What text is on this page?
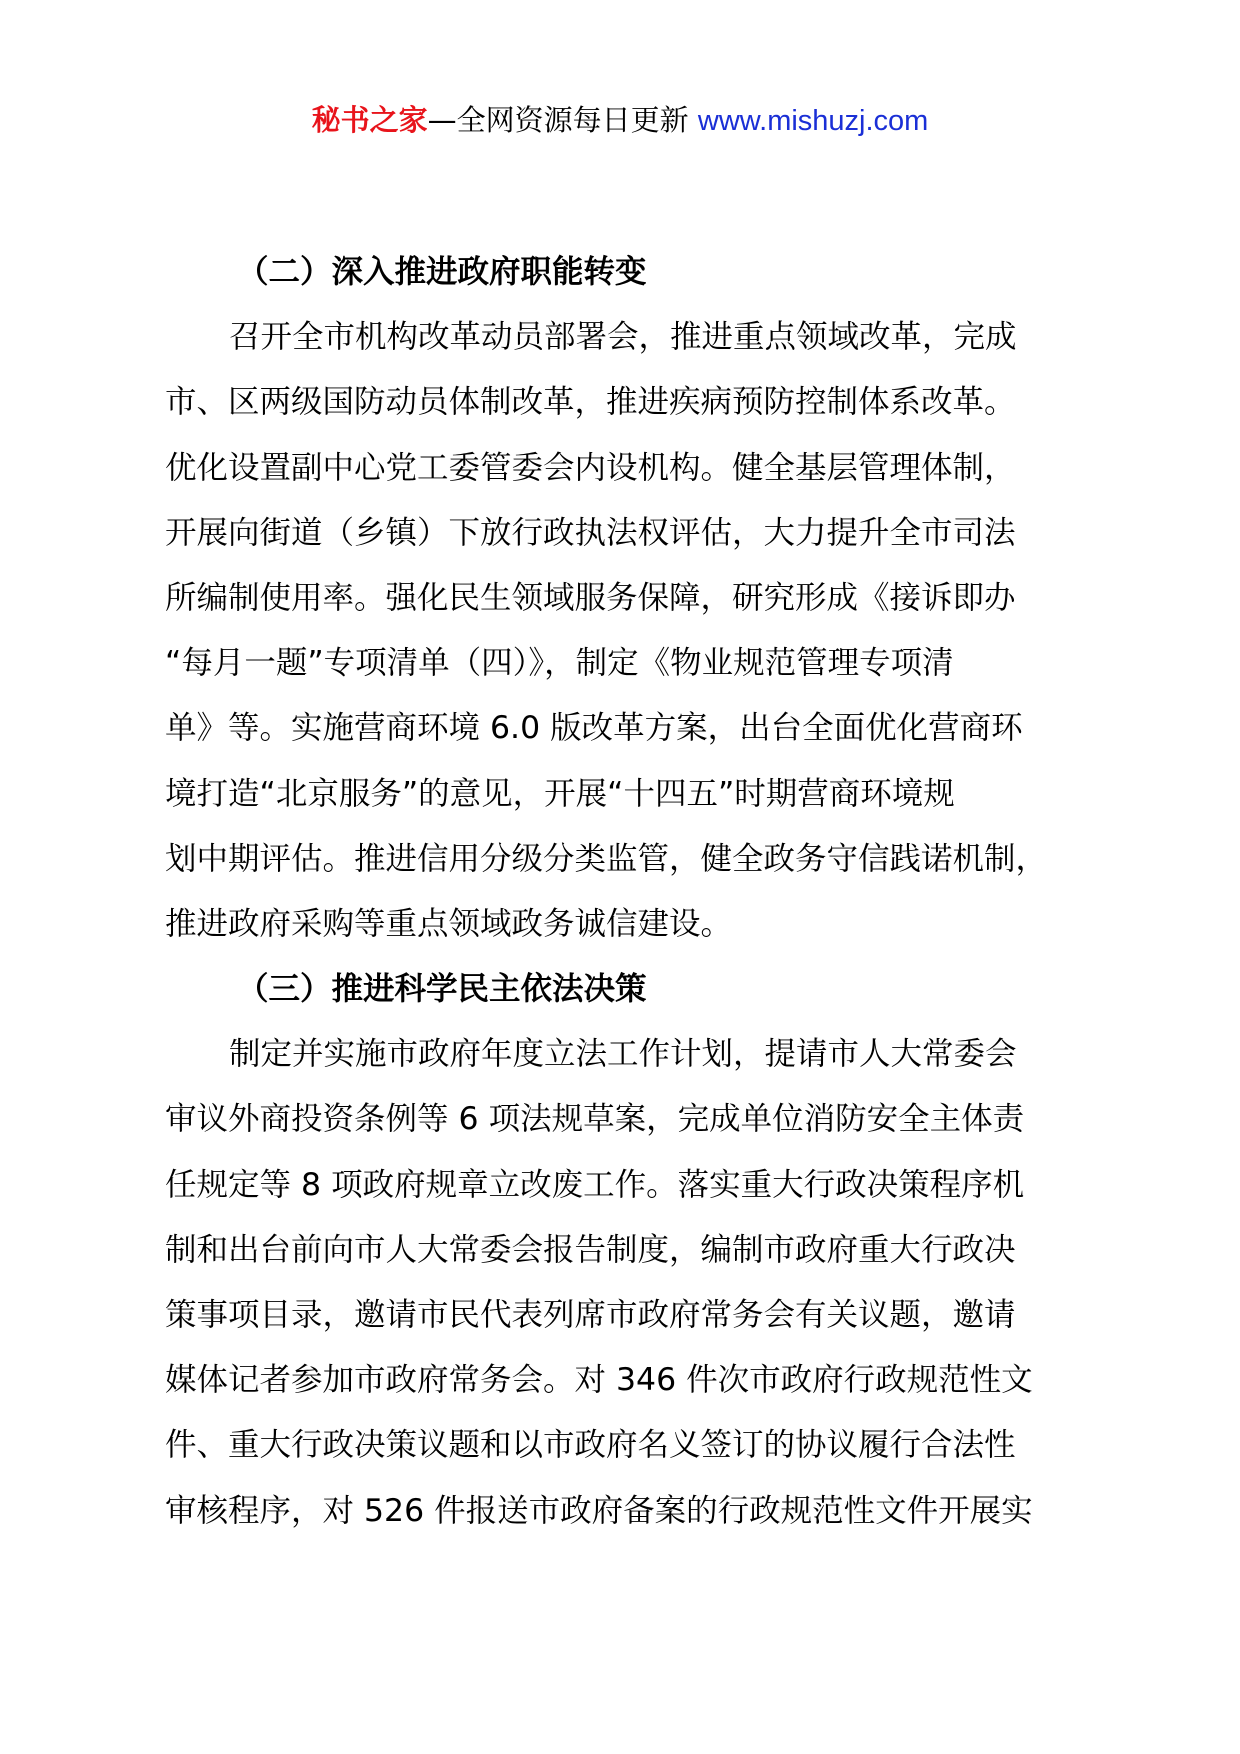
秘书之家—全网资源每日更新 www.mishuzj.com
（二）深入推进政府职能转变
召开全市机构改革动员部署会，推进重点领域改革，完成
市、区两级国防动员体制改革，推进疾病预防控制体系改革。
优化设置副中心党工委管委会内设机构。健全基层管理体制，
开展向街道（乡镇）下放行政执法权评估，大力提升全市司法
所编制使用率。强化民生领域服务保障，研究形成《接诉即办
“每月一题”专项清单（四）》，制定《物业规范管理专项清
单》等。实施营商环境 6.0 版改革方案，出台全面优化营商环
境打造“北京服务”的意见，开展“十四五”时期营商环境规
划中期评估。推进信用分级分类监管，健全政务守信践诺机制，
推进政府采购等重点领域政务诚信建设。
（三）推进科学民主依法决策
制定并实施市政府年度立法工作计划，提请市人大常委会
审议外商投资条例等 6 项法规草案，完成单位消防安全主体责
任规定等 8 项政府规章立改废工作。落实重大行政决策程序机
制和出台前向市人大常委会报告制度，编制市政府重大行政决
策事项目录，邀请市民代表列席市政府常务会有关议题，邀请
媒体记者参加市政府常务会。对 346 件次市政府行政规范性文
件、重大行政决策议题和以市政府名义签订的协议履行合法性
审核程序，对 526 件报送市政府备案的行政规范性文件开展实
